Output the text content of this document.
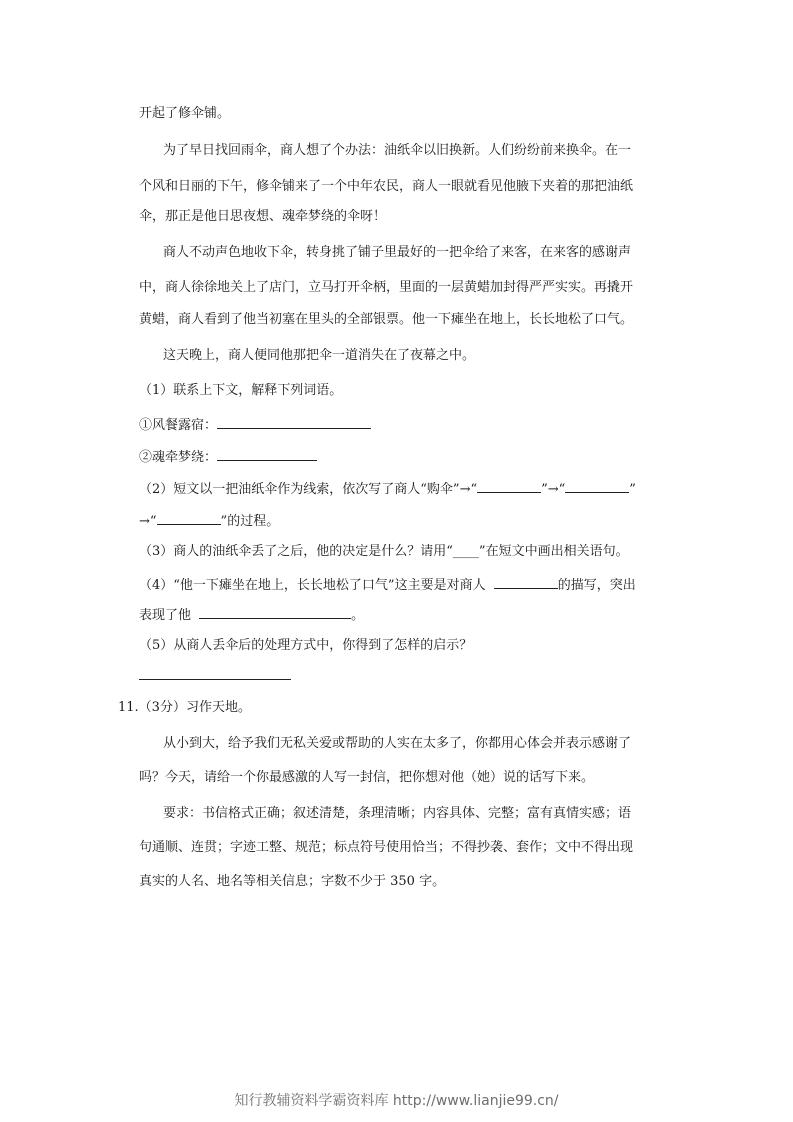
开起了修伞铺。
为了早日找回雨伞，商人想了个办法：油纸伞以旧换新。人们纷纷前来换伞。在一
个风和日丽的下午，修伞铺来了一个中年农民，商人一眼就看见他腋下夹着的那把油纸
伞，那正是他日思夜想、魂牵梦绕的伞呀！
商人不动声色地收下伞，转身挑了铺子里最好的一把伞给了来客，在来客的感谢声
中，商人徐徐地关上了店门，立马打开伞柄，里面的一层黄蜡加封得严严实实。再撬开
黄蜡，商人看到了他当初塞在里头的全部银票。他一下瘫坐在地上，长长地松了口气。
这天晚上，商人便同他那把伞一道消失在了夜幕之中。
（1）联系上下文，解释下列词语。
①风餐露宿：
②魂牵梦绕：
（2）短文以一把油纸伞作为线索，依次写了商人“购伞”→“	”→“	”
→“	”的过程。
（3）商人的油纸伞丢了之后，他的决定是什么？请用“____”在短文中画出相关语句。
（4）“他一下瘫坐在地上，长长地松了口气”这主要是对商人	的描写，突出
表现了他	。
（5）从商人丢伞后的处理方式中，你得到了怎样的启示？
11.（3分）习作天地。
从小到大，给予我们无私关爱或帮助的人实在太多了，你都用心体会并表示感谢了
吗？今天，请给一个你最感激的人写一封信，把你想对他（她）说的话写下来。
要求：书信格式正确；叙述清楚，条理清晰；内容具体、完整；富有真情实感；语
句通顺、连贯；字迹工整、规范；标点符号使用恰当；不得抄袭、套作；文中不得出现
真实的人名、地名等相关信息；字数不少于 350 字。
知行教辅资料学霸资料库 http://www.lianjie99.cn/
